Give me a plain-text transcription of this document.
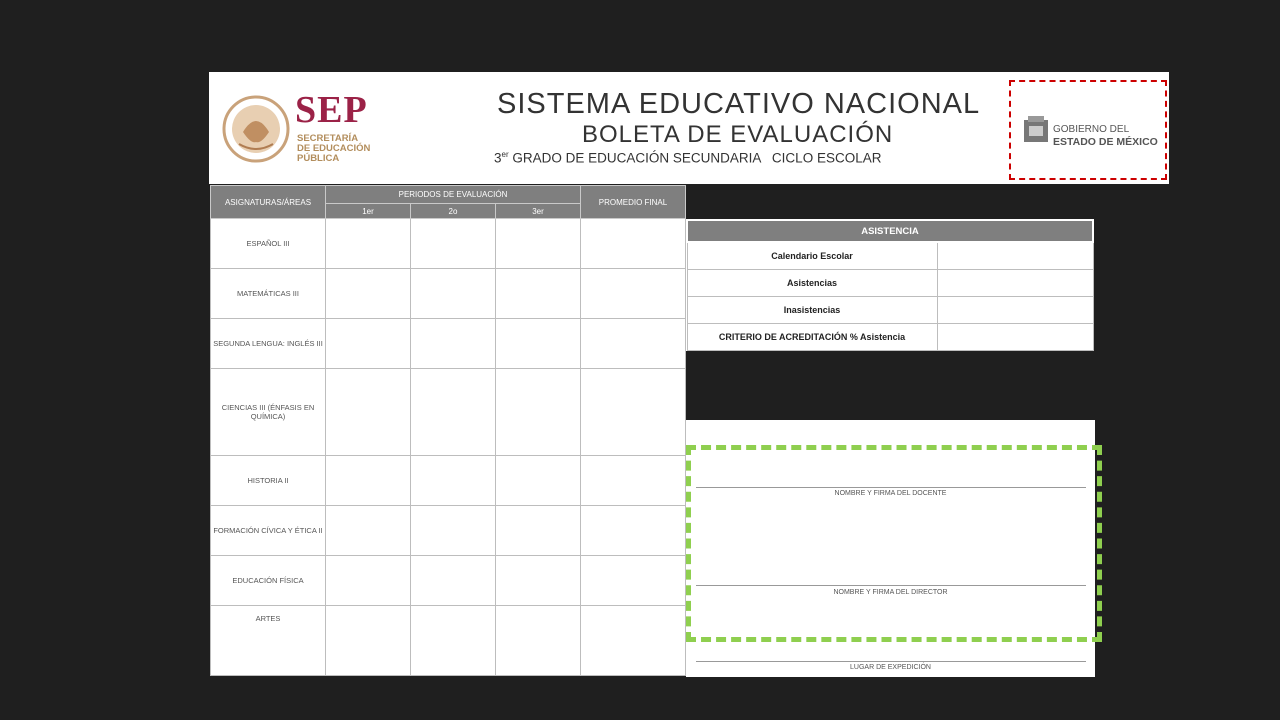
SEP
SECRETARÍA
DE EDUCACIÓN
PÚBLICA
SISTEMA EDUCATIVO NACIONAL
BOLETA DE EVALUACIÓN
3er GRADO DE EDUCACIÓN SECUNDARIA   CICLO ESCOLAR
GOBIERNO DEL
ESTADO DE MÉXICO
ASIGNATURAS/ÁREAS	PERIODOS DE EVALUACIÓN			PROMEDIO FINAL
	1er	2o	3er	
ESPAÑOL III				
MATEMÁTICAS III				
SEGUNDA LENGUA: INGLÉS III				
CIENCIAS III (ÉNFASIS EN QUÍMICA)				
HISTORIA II				
FORMACIÓN CÍVICA Y ÉTICA II				
EDUCACIÓN FÍSICA				
ARTES				
ASISTENCIA	
Calendario Escolar	
Asistencias	
Inasistencias	
CRITERIO DE ACREDITACIÓN % Asistencia	
NOMBRE Y FIRMA DEL DOCENTE
NOMBRE Y FIRMA DEL DIRECTOR
LUGAR DE EXPEDICIÓN
